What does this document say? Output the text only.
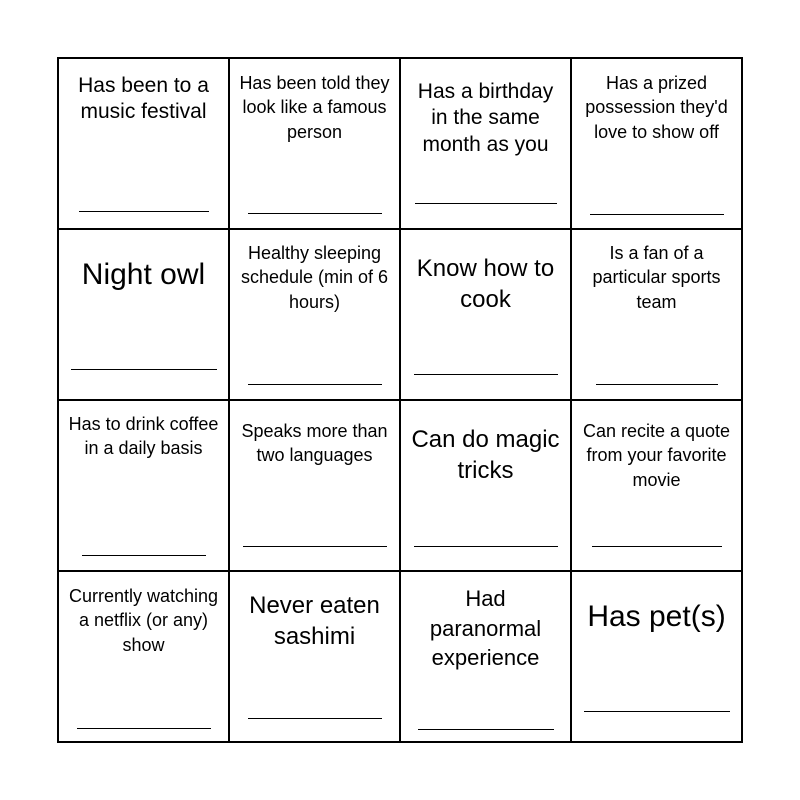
Has been to a music festival
Has been told they look like a famous person
Has a birthday in the same month as you
Has a prized possession they'd love to show off
Night owl
Healthy sleeping schedule (min of 6 hours)
Know how to cook
Is a fan of a particular sports team
Has to drink coffee in a daily basis
Speaks more than two languages
Can do magic tricks
Can recite a quote from your favorite movie
Currently watching a netflix (or any) show
Never eaten sashimi
Had paranormal experience
Has pet(s)
